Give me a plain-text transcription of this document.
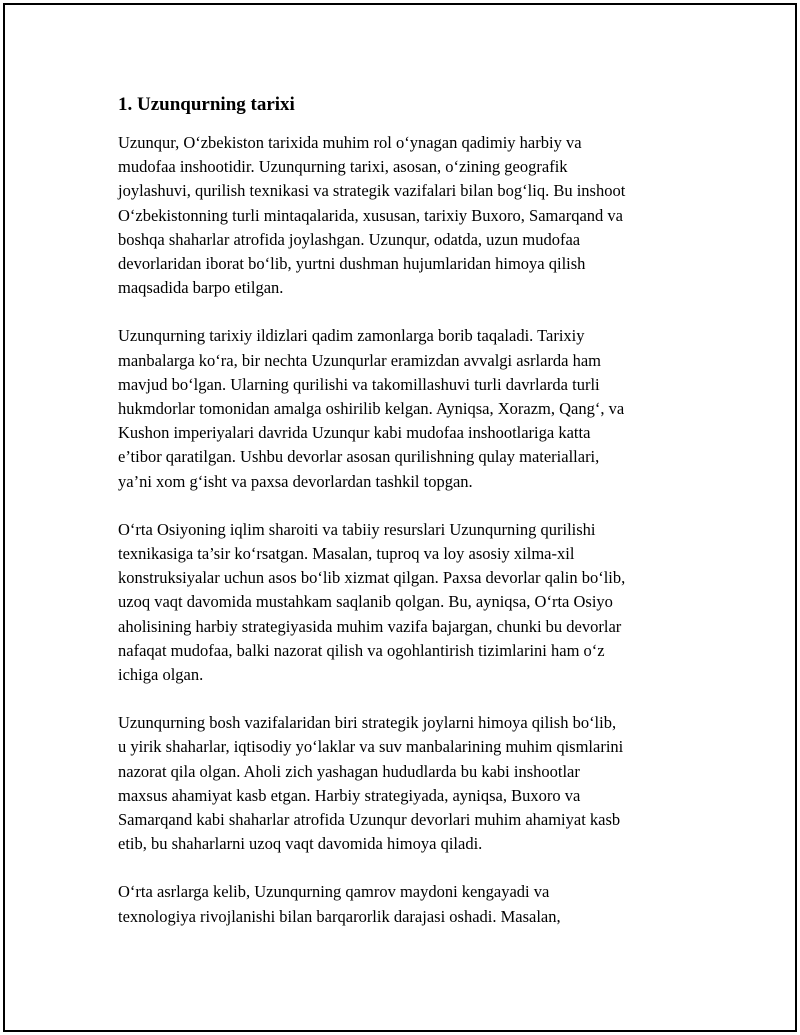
1. Uzunqurning tarixi
Uzunqur, O‘zbekiston tarixida muhim rol o‘ynagan qadimiy harbiy va
mudofaa inshootidir. Uzunqurning tarixi, asosan, o‘zining geografik
joylashuvi, qurilish texnikasi va strategik vazifalari bilan bog‘liq. Bu inshoot
O‘zbekistonning turli mintaqalarida, xususan, tarixiy Buxoro, Samarqand va
boshqa shaharlar atrofida joylashgan. Uzunqur, odatda, uzun mudofaa
devorlaridan iborat bo‘lib, yurtni dushman hujumlaridan himoya qilish
maqsadida barpo etilgan.
Uzunqurning tarixiy ildizlari qadim zamonlarga borib taqaladi. Tarixiy
manbalarga ko‘ra, bir nechta Uzunqurlar eramizdan avvalgi asrlarda ham
mavjud bo‘lgan. Ularning qurilishi va takomillashuvi turli davrlarda turli
hukmdorlar tomonidan amalga oshirilib kelgan. Ayniqsa, Xorazm, Qang‘, va
Kushon imperiyalari davrida Uzunqur kabi mudofaa inshootlariga katta
e’tibor qaratilgan. Ushbu devorlar asosan qurilishning qulay materiallari,
ya’ni xom g‘isht va paxsa devorlardan tashkil topgan.
O‘rta Osiyoning iqlim sharoiti va tabiiy resurslari Uzunqurning qurilishi
texnikasiga ta’sir ko‘rsatgan. Masalan, tuproq va loy asosiy xilma-xil
konstruksiyalar uchun asos bo‘lib xizmat qilgan. Paxsa devorlar qalin bo‘lib,
uzoq vaqt davomida mustahkam saqlanib qolgan. Bu, ayniqsa, O‘rta Osiyo
aholisining harbiy strategiyasida muhim vazifa bajargan, chunki bu devorlar
nafaqat mudofaa, balki nazorat qilish va ogohlantirish tizimlarini ham o‘z
ichiga olgan.
Uzunqurning bosh vazifalaridan biri strategik joylarni himoya qilish bo‘lib,
u yirik shaharlar, iqtisodiy yo‘laklar va suv manbalarining muhim qismlarini
nazorat qila olgan. Aholi zich yashagan hududlarda bu kabi inshootlar
maxsus ahamiyat kasb etgan. Harbiy strategiyada, ayniqsa, Buxoro va
Samarqand kabi shaharlar atrofida Uzunqur devorlari muhim ahamiyat kasb
etib, bu shaharlarni uzoq vaqt davomida himoya qiladi.
O‘rta asrlarga kelib, Uzunqurning qamrov maydoni kengayadi va
texnologiya rivojlanishi bilan barqarorlik darajasi oshadi. Masalan,
